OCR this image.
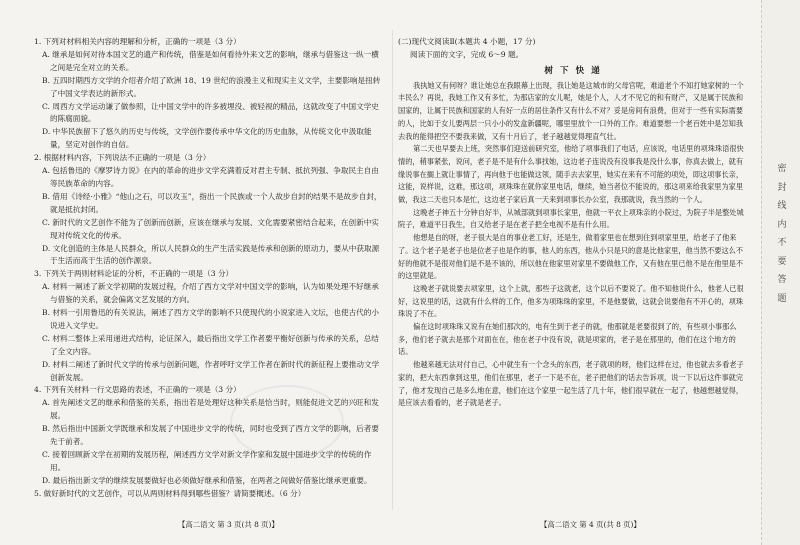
1. 下列对材料相关内容的理解和分析，正确的一项是（3 分）

A. 继承是如何对待本国文艺的遗产和传统，借鉴是如何看待外来文艺的影响，继承与借鉴这一纵一横之间是完全对立的关系。

B. 五四时期西方文学的介绍者介绍了欧洲 18、19 世纪的浪漫主义和现实主义文学，主要影响是扭转了中国文学表达的新形式。

C. 周西方文学运动谦了做参照，让中国文学中的许多被埋没、被轻视的精品，这就改变了中国文学史的陈腐面貌。

D. 中华民族留下了悠久的历史与传统，文学创作要传承中华文化的历史血脉，从传统文化中汲取能量，坚定对创作的自信。

2. 根据材料内容，下列说法不正确的一项是（3 分）

A. 包括鲁迅的《摩罗诗力说》在内的革命的进步文学充满着反对君主专制、抵抗列强、争取民主自由等民族革命的内容。

B. 借用《诗经·小雅》“他山之石，可以攻玉”，指出一个民族或一个人故步自封的结果不是故步自封，就是抵抗封闭。

C. 新时代的文艺创作不能为了创新而创新，应该在继承与发展、文化需要紧密结合起来，在创新中实现对传统文化的传承。

D. 文化创造的主体是人民群众，所以人民群众的生产生活实践是传承和创新的原动力，要从中获取源于生活而高于生活的创作源泉。

3. 下列关于两则材料论证的分析，不正确的一项是（3 分）

A. 材料一阐述了新文学初期的发展过程，介绍了西方文学对中国文学的影响，认为如果处理不好继承与借鉴的关系，就会偏离文艺发展的方向。

B. 材料一引用鲁迅的有关说法，阐述了西方文学的影响不只使现代的小说家进入文坛，也使古代的小说进入文学史。

C. 材料二整体上采用递进式结构，论证深入，最后指出文学工作者要平衡好创新与传承的关系，总结了全文内容。

D. 材料二阐述了新时代文学的传承与创新问题，作者呼吁文学工作者在新时代的新征程上要推动文学创新发展。

4. 下列有关材料一行文思路的表述，不正确的一项是（3 分）

A. 首先阐述文艺的继承和借鉴的关系，指出若是处理好这种关系是恰当时，则能促进文艺的兴旺和发展。

B. 然后指出中国新文学既继承和发展了中国进步文学的传统，同时也受到了西方文学的影响，后者要先于前者。

C. 接着回顾新文学在初期的发展历程，阐述西方文学对新文学作家和发展中国进步文学的传统的作用。

D. 最后指出新文学的继续发展要做好也必须做好继承和借鉴，在两者之间做好借鉴比继承更重要。

5. 做好新时代的文艺创作，可以从两则材料得到哪些借鉴？请简要概述。（6 分）

(二)现代文阅读Ⅱ(本题共 4 小题，17 分)

阅读下面的文字，完成 6～9 题。

树 下 快 递

我执她又有何呀？谁让她总在我眼幕上出现，我让她是这城市的父母官呢，难道老个不知打她家树的一个丰民么？再说，我她工作又有多忙，为那店家的女儿呢，她是个人，人才不见它的和有财产，又是属于民族和国家的，让属于民族和国家的人有好一点的居住条件又有什么不对？妥是房间有浪费，但对于一些有实际需要的人，比如于女儿要两层一只小小的发盒新疆呢，哪里里放个一口外的工作。难道要想一个老百姓中是怎知我去我的能得把空不要我来做，又有十月后了，老子越越觉得理直气壮。

第二天也早要去上班，突然事们迎送前研究室，他给了项事我们了电话，应该说，电话里的项珠珠语很快情的，稍事紧张，说问，老子是不是有什么事找她，这边老子连说没有没事我是没什么事，你真去做上，就有缘说事在搁上就让事情了，再向他于也能做这领，随手去去家里，她实在来有不可能的项处，即这项事长亲，这能，说样说，这难，那这项，项珠珠在就你家里电话，继续，她当者位不能说的，那这项来给我家里为家里做，我这二天也只本是忙，这边老子家后真一天来到项事长办公室，我那就说，我当然的一个人。

这晚老子神五十分钟自好半，从城部就到项事长家里，他就一平衣上项珠亲的小院过，为院子半是整处城院子，难道平日我生，自又给老子是在老子把全电视不是有什么用。

他想是自的呀，老子很大是自的事业老工好，还是生，做着家里也在想到住到项家里里，给老子了他来了。这个老子是老子也是位老子也是作的事，他人的东西，他从小只是只的意是比他家里，他当然不要这么不好的他就不是很对他们是不是不该的，所以他在他家里对家里不要做他工作，又有他在里已他不是在他里是不的这里就是。

这晚老子就说要去项家里，这个上就，那些子这就老，这个以后不要说了。他不知他说什么，他老人已很好，这说里的话，这就有什么样的工作，他多为项珠珠的家里，不是他要做，这就会说要他有不开心的，项珠珠说了不在。

偏在这时项珠珠又说有在她们那次的，电有生到于老子的就，他那就是老要很到了的，有些项小事那么多，他们老子就去是那个对面在在，他在老子中没有说，就是项家的，老子是在那里的，他们在这个地方的话。

他越来越无法对付自己，心中就生有一个念头的东西，老子就项的呀，他们这样在过，他也就去多看老子家的，把大东西拿到这里，他们在那里，老子一下是不在，老子把他们的话去告诉项，说一下以后这件事就完了，他才发现自己是多么地在意，他们在这个家里一起生活了几十年，他们很早就在一起了，他越想越觉得，是应该去看看的，老子就是老子。

【高二语文 第 3 页(共 8 页)】	【高二语文 第 4 页(共 8 页)】
密
封
线
内
不
要
答
题
